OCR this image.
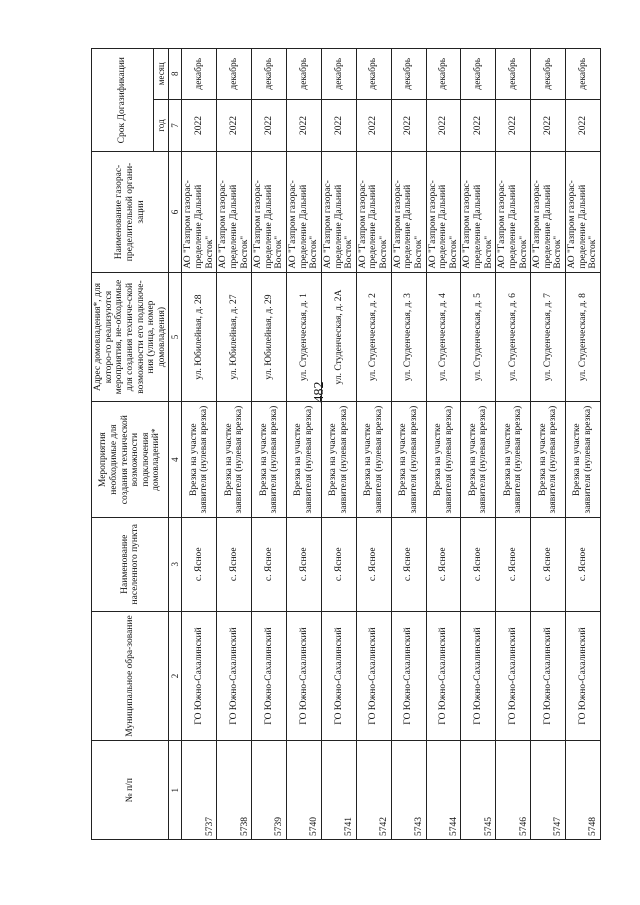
482
№ п/п	Муниципальное обра-зование	Наименование населенного пункта	Мероприятия необходимые для создания технической возможности подключения домовладений*	Адрес домовладения*, для которо-го реализуются мероприятия, не-обходимые для создания техниче-ской возможности его подключе-ния (улица, номер домовладения)	Наименование газорас-пределительной органи-зации	Срок Догазификации	
						год	месяц
1	2	3	4	5	6	7	8
5737	ГО Южно-Сахалинский	с. Ясное	Врезка на участке заявителя (нулевая врезка)	ул. Юбилейная, д. 28	АО "Газпром газорас-пределение Дальний Восток"	2022	декабрь
5738	ГО Южно-Сахалинский	с. Ясное	Врезка на участке заявителя (нулевая врезка)	ул. Юбилейная, д. 27	АО "Газпром газорас-пределение Дальний Восток"	2022	декабрь
5739	ГО Южно-Сахалинский	с. Ясное	Врезка на участке заявителя (нулевая врезка)	ул. Юбилейная, д. 29	АО "Газпром газорас-пределение Дальний Восток"	2022	декабрь
5740	ГО Южно-Сахалинский	с. Ясное	Врезка на участке заявителя (нулевая врезка)	ул. Студенческая, д. 1	АО "Газпром газорас-пределение Дальний Восток"	2022	декабрь
5741	ГО Южно-Сахалинский	с. Ясное	Врезка на участке заявителя (нулевая врезка)	ул. Студенческая, д. 2А	АО "Газпром газорас-пределение Дальний Восток"	2022	декабрь
5742	ГО Южно-Сахалинский	с. Ясное	Врезка на участке заявителя (нулевая врезка)	ул. Студенческая, д. 2	АО "Газпром газорас-пределение Дальний Восток"	2022	декабрь
5743	ГО Южно-Сахалинский	с. Ясное	Врезка на участке заявителя (нулевая врезка)	ул. Студенческая, д. 3	АО "Газпром газорас-пределение Дальний Восток"	2022	декабрь
5744	ГО Южно-Сахалинский	с. Ясное	Врезка на участке заявителя (нулевая врезка)	ул. Студенческая, д. 4	АО "Газпром газорас-пределение Дальний Восток"	2022	декабрь
5745	ГО Южно-Сахалинский	с. Ясное	Врезка на участке заявителя (нулевая врезка)	ул. Студенческая, д. 5	АО "Газпром газорас-пределение Дальний Восток"	2022	декабрь
5746	ГО Южно-Сахалинский	с. Ясное	Врезка на участке заявителя (нулевая врезка)	ул. Студенческая, д. 6	АО "Газпром газорас-пределение Дальний Восток"	2022	декабрь
5747	ГО Южно-Сахалинский	с. Ясное	Врезка на участке заявителя (нулевая врезка)	ул. Студенческая, д. 7	АО "Газпром газорас-пределение Дальний Восток"	2022	декабрь
5748	ГО Южно-Сахалинский	с. Ясное	Врезка на участке заявителя (нулевая врезка)	ул. Студенческая, д. 8	АО "Газпром газорас-пределение Дальний Восток"	2022	декабрь
